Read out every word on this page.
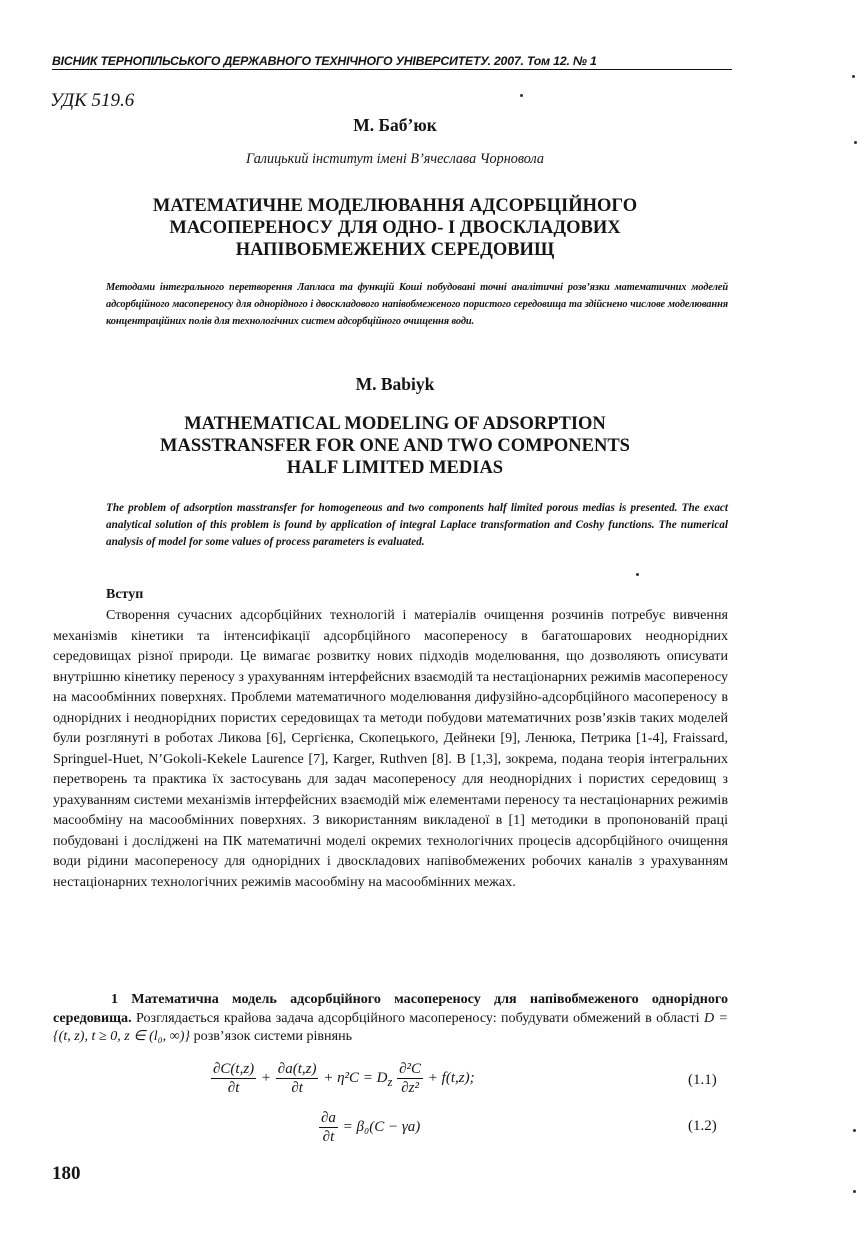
ВІСНИК ТЕРНОПІЛЬСЬКОГО ДЕРЖАВНОГО ТЕХНІЧНОГО УНІВЕРСИТЕТУ. 2007. Том 12. № 1
УДК 519.6
М. Баб’юк
Галицький інститут імені В’ячеслава Чорновола
МАТЕМАТИЧНЕ МОДЕЛЮВАННЯ АДСОРБЦІЙНОГО
МАСОПЕРЕНОСУ ДЛЯ ОДНО- І ДВОСКЛАДОВИХ
НАПІВОБМЕЖЕНИХ СЕРЕДОВИЩ
Методами інтегрального перетворення Лапласа та функцій Коші побудовані точні аналітичні розв’язки математичних моделей адсорбційного масопереносу для однорідного і двоскладового напівобмеженого пористого середовища та здійснено числове моделювання концентраційних полів для технологічних систем адсорбційного очищення води.
M. Babiyk
MATHEMATICAL MODELING OF ADSORPTION
MASSTRANSFER FOR ONE AND TWO COMPONENTS
HALF LIMITED MEDIAS
The problem of adsorption masstransfer for homogeneous and two components half limited porous medias is presented. The exact analytical solution of this problem is found by application of integral Laplace transformation and Coshy functions. The numerical analysis of model for some values of process parameters is evaluated.
Вступ
Створення сучасних адсорбційних технологій і матеріалів очищення розчинів потребує вивчення механізмів кінетики та інтенсифікації адсорбційного масопереносу в багатошарових неоднорідних середовищах різної природи. Це вимагає розвитку нових підходів моделювання, що дозволяють описувати внутрішню кінетику переносу з урахуванням інтерфейсних взаємодій та нестаціонарних режимів масопереносу на масообмінних поверхнях. Проблеми математичного моделювання дифузійно-адсорбційного масопереносу в однорідних і неоднорідних пористих середовищах та методи побудови математичних розв’язків таких моделей були розглянуті в роботах Ликова [6], Сергієнка, Скопецького, Дейнеки [9], Ленюка, Петрика [1-4], Fraissard, Springuel-Huet, N’Gokoli-Kekele Laurence [7], Karger, Ruthven [8]. В [1,3], зокрема, подана теорія інтегральних перетворень та практика їх застосувань для задач масопереносу для неоднорідних і пористих середовищ з урахуванням системи механізмів інтерфейсних взаємодій між елементами переносу та нестаціонарних режимів масообміну на масообмінних поверхнях. З використанням викладеної в [1] методики в пропонованій праці побудовані і досліджені на ПК математичні моделі окремих технологічних процесів адсорбційного очищення води рідини масопереносу для однорідних і двоскладових напівобмежених робочих каналів з урахуванням нестаціонарних технологічних режимів масообміну на масообмінних межах.
1 Математична модель адсорбційного масопереносу для напівобмеженого однорідного середовища. Розглядається крайова задача адсорбційного масопереносу: побудувати обмежений в області D = {(t, z), t ≥ 0, z ∈ (l₀, ∞)} розв’язок системи рівнянь
$\frac{\partial C(t,z)}{\partial t} + \frac{\partial a(t,z)}{\partial t} + \eta^2C = D_z \frac{\text{∂²C}}{\text{∂z²}} + f(t,z)$;	(1.1)
$\frac{\partial a}{\partial t} = \beta_0(C - \gamma a)$	(1.2)
180
